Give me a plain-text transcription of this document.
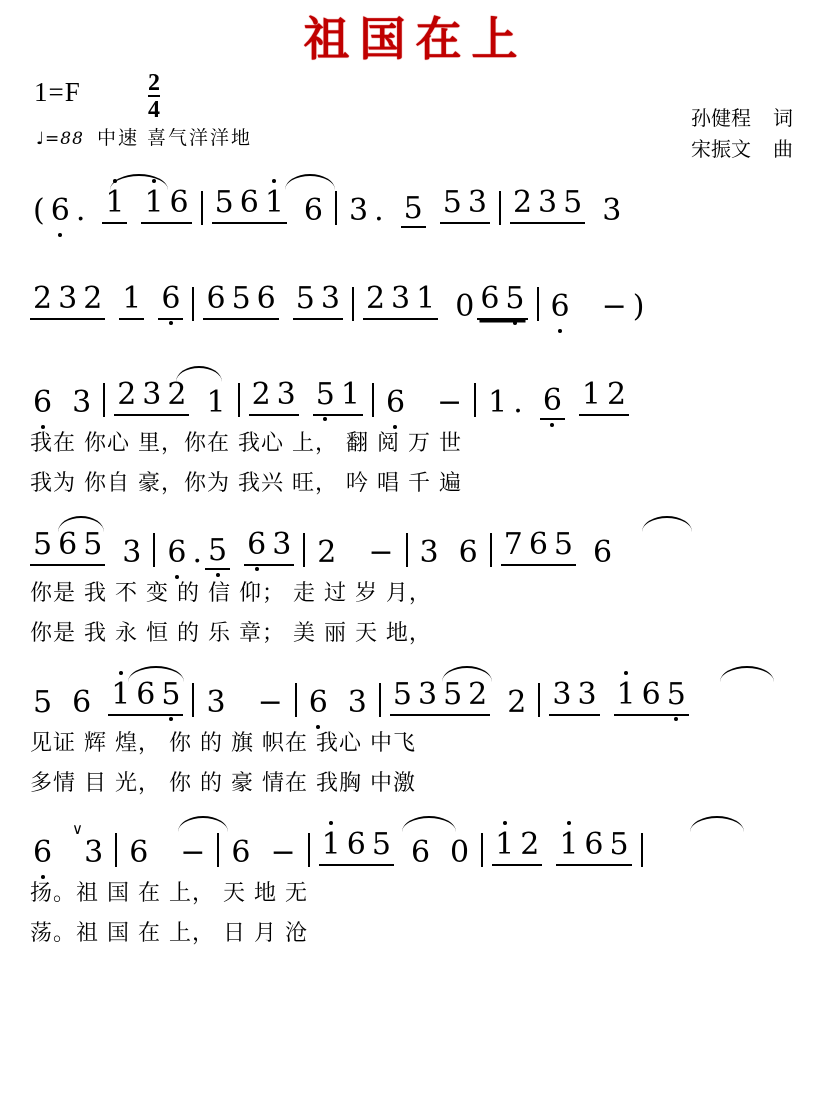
祖国在上
1=F	$\frac{2}{4}$
♩=88 中速 喜气洋洋地
孙健程 词
宋振文 曲
( 6 . 1 1 6 5 6 1 6 3 . 5 5 3 2 3 5 3
2 3 2 1 6 6 5 6 5 3 2 3 1 0 6 5 6 − )
6 3 2 3 2 1 2 3 5 1 6 − 1 . 6 1 2
我在 你心 里，你在 我心 上， 翻 阅 万 世
我为 你自 豪，你为 我兴 旺， 吟 唱 千 遍
5 6 5 3 6 . 5 6 3 2 − 3 6 7 6 5 6
你是 我 不 变 的 信 仰； 走 过 岁 月，
你是 我 永 恒 的 乐 章； 美 丽 天 地，
5 6 1 6 5 3 − 6 3 5 3 5 2 2 3 3 1 6 5
见证 辉 煌， 你 的 旗 帜在 我心 中飞
多情 目 光， 你 的 豪 情在 我胸 中激
∨
6 3 6 − 6 − 1 6 5 6 0 1 2 1 6 5
扬。祖 国 在 上， 天 地 无
荡。祖 国 在 上， 日 月 沧
